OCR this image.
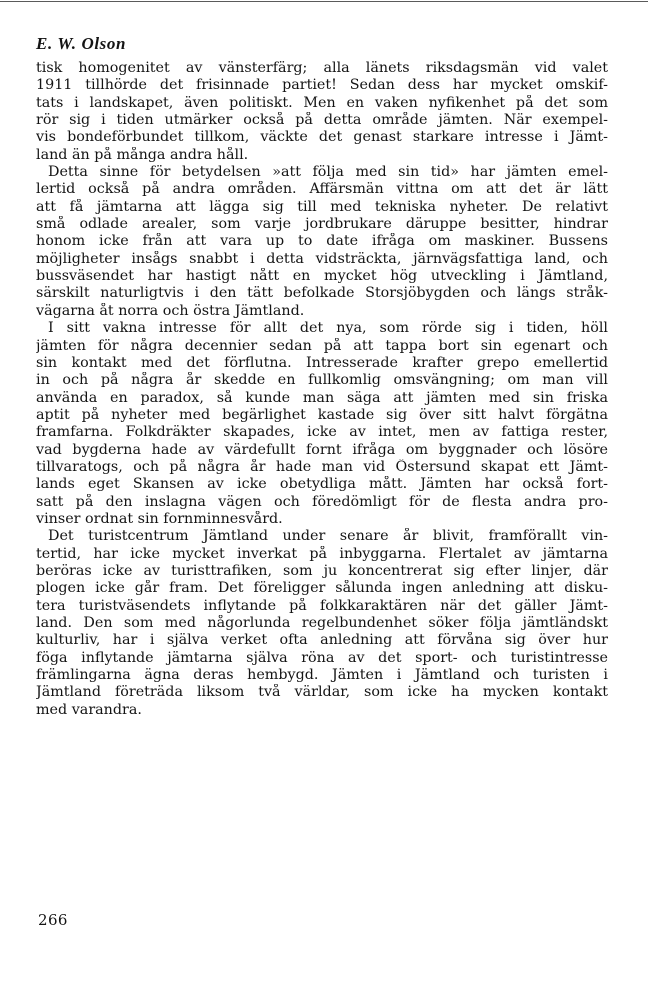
E. W. Olson
tisk homogenitet av vänsterfärg; alla länets riksdagsmän vid valet
1911 tillhörde det frisinnade partiet! Sedan dess har mycket omskif-
tats i landskapet, även politiskt. Men en vaken nyfikenhet på det som
rör sig i tiden utmärker också på detta område jämten. När exempel-
vis bondeförbundet tillkom, väckte det genast starkare intresse i Jämt-
land än på många andra håll.
Detta sinne för betydelsen »att följa med sin tid» har jämten emel-
lertid också på andra områden. Affärsmän vittna om att det är lätt
att få jämtarna att lägga sig till med tekniska nyheter. De relativt
små odlade arealer, som varje jordbrukare däruppe besitter, hindrar
honom icke från att vara up to date ifråga om maskiner. Bussens
möjligheter insågs snabbt i detta vidsträckta, järnvägsfattiga land, och
bussväsendet har hastigt nått en mycket hög utveckling i Jämtland,
särskilt naturligtvis i den tätt befolkade Storsjöbygden och längs stråk-
vägarna åt norra och östra Jämtland.
I sitt vakna intresse för allt det nya, som rörde sig i tiden, höll
jämten för några decennier sedan på att tappa bort sin egenart och
sin kontakt med det förflutna. Intresserade krafter grepo emellertid
in och på några år skedde en fullkomlig omsvängning; om man vill
använda en paradox, så kunde man säga att jämten med sin friska
aptit på nyheter med begärlighet kastade sig över sitt halvt förgätna
framfarna. Folkdräkter skapades, icke av intet, men av fattiga rester,
vad bygderna hade av värdefullt fornt ifråga om byggnader och lösöre
tillvaratogs, och på några år hade man vid Östersund skapat ett Jämt-
lands eget Skansen av icke obetydliga mått. Jämten har också fort-
satt på den inslagna vägen och föredömligt för de flesta andra pro-
vinser ordnat sin fornminnesvård.
Det turistcentrum Jämtland under senare år blivit, framförallt vin-
tertid, har icke mycket inverkat på inbyggarna. Flertalet av jämtarna
beröras icke av turisttrafiken, som ju koncentrerat sig efter linjer, där
plogen icke går fram. Det föreligger sålunda ingen anledning att disku-
tera turistväsendets inflytande på folkkaraktären när det gäller Jämt-
land. Den som med någorlunda regelbundenhet söker följa jämtländskt
kulturliv, har i själva verket ofta anledning att förvåna sig över hur
föga inflytande jämtarna själva röna av det sport- och turistintresse
främlingarna ägna deras hembygd. Jämten i Jämtland och turisten i
Jämtland företräda liksom två världar, som icke ha mycken kontakt
med varandra.
266
